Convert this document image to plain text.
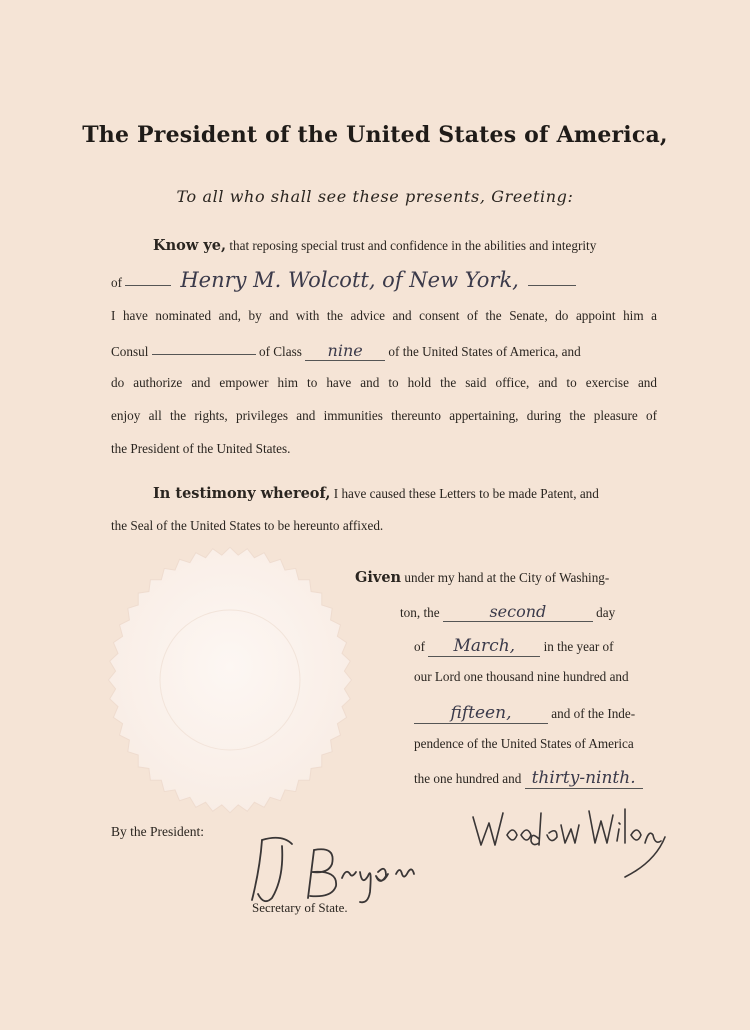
The President of the United States of America,
To all who shall see these presents, Greeting:
Know ye, that reposing special trust and confidence in the abilities and integrity
of	Henry M. Wolcott, of New York,
I have nominated and, by and with the advice and consent of the Senate, do appoint him a
Consul	of Class nine of the United States of America, and
do authorize and empower him to have and to hold the said office, and to exercise and
enjoy all the rights, privileges and immunities thereunto appertaining, during the pleasure of
the President of the United States.
In testimony whereof, I have caused these Letters to be made Patent, and
the Seal of the United States to be hereunto affixed.
Given under my hand at the City of Washing-
ton, the	second	day
of March, in the year of
our Lord one thousand nine hundred and
fifteen,	and of the Inde-
pendence of the United States of America
the one hundred and thirty-ninth.
By the President:
Secretary of State.
